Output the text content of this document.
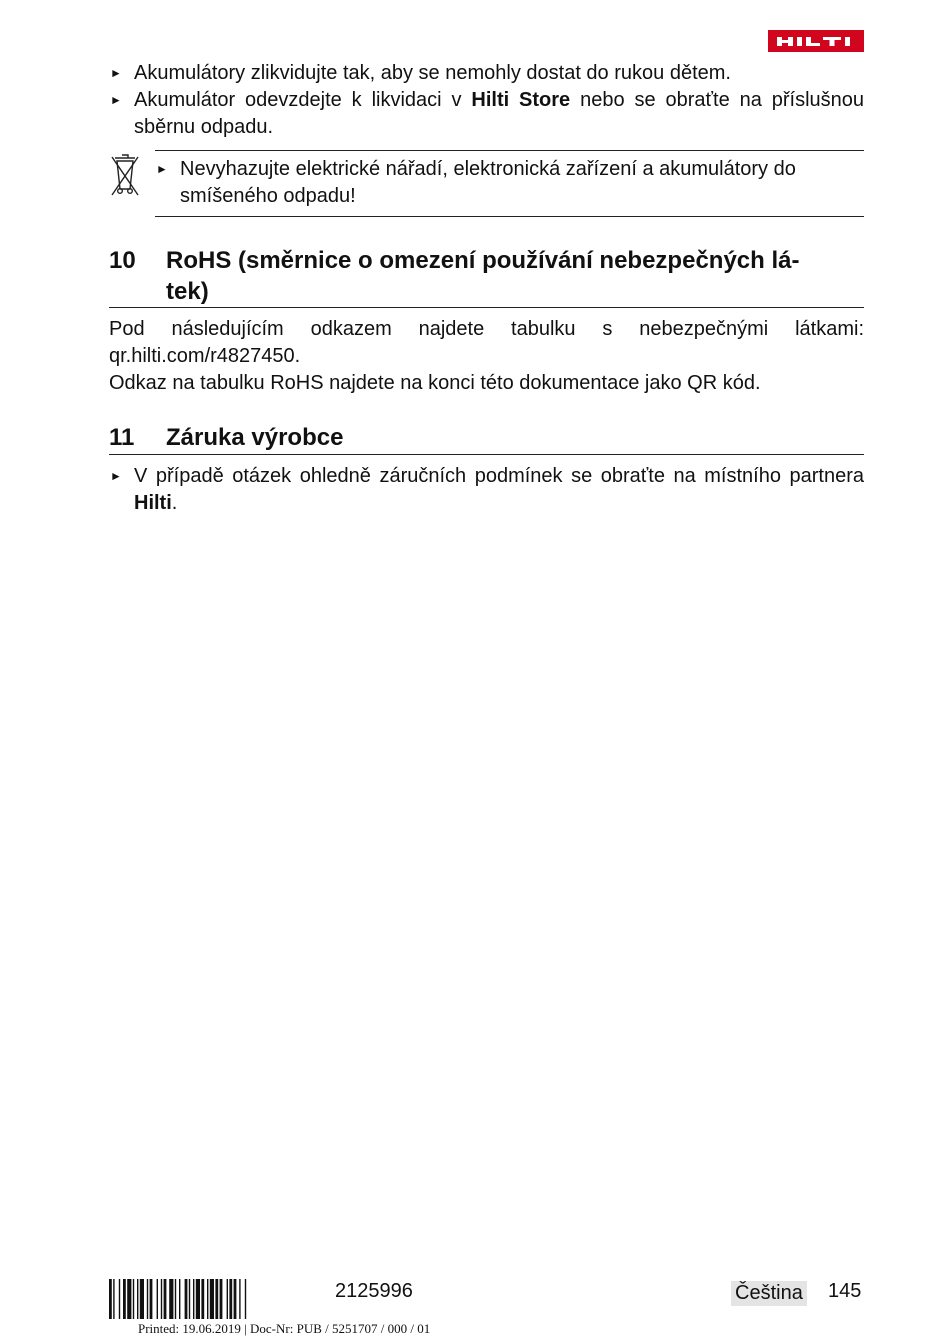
► Akumulátory zlikvidujte tak, aby se nemohly dostat do rukou dětem.
► Akumulátor odevzdejte k likvidaci v Hilti Store nebo se obraťte na příslušnou sběrnu odpadu.
► Nevyhazujte elektrické nářadí, elektronická zařízení a akumulátory do smíšeného odpadu!
10 RoHS (směrnice o omezení používání nebezpečných lá-
tek)
Pod následujícím odkazem najdete tabulku s nebezpečnými látkami: qr.hilti.com/r4827450.
Odkaz na tabulku RoHS najdete na konci této dokumentace jako QR kód.
11 Záruka výrobce
► V případě otázek ohledně záručních podmínek se obraťte na místního partnera Hilti.
2125996
Printed: 19.06.2019 | Doc-Nr: PUB / 5251707 / 000 / 01
Čeština 145
